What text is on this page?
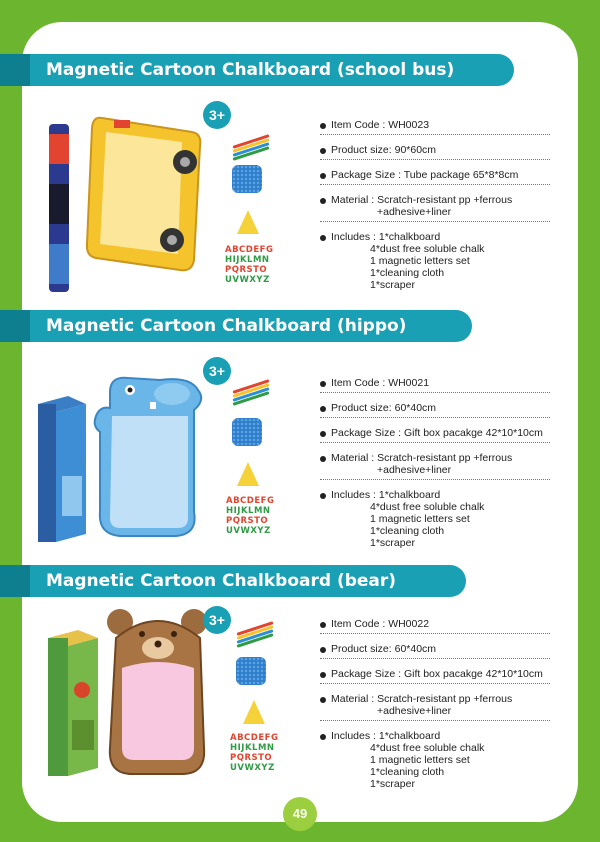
Magnetic Cartoon Chalkboard (school bus)
3+
ABCDEFG
HIJKLMN
PQRSTO
UVWXYZ
Item Code : WH0023
Product size: 90*60cm
Package Size : Tube package 65*8*8cm
Material : Scratch-resistant pp +ferrous
+adhesive+liner
Includes : 1*chalkboard
4*dust free soluble chalk
1 magnetic letters set
1*cleaning cloth
1*scraper
Magnetic Cartoon Chalkboard (hippo)
3+
ABCDEFG
HIJKLMN
PQRSTO
UVWXYZ
Item Code : WH0021
Product size: 60*40cm
Package Size : Gift box pacakge 42*10*10cm
Material : Scratch-resistant pp +ferrous
+adhesive+liner
Includes : 1*chalkboard
4*dust free soluble chalk
1 magnetic letters set
1*cleaning cloth
1*scraper
Magnetic Cartoon Chalkboard (bear)
3+
ABCDEFG
HIJKLMN
PQRSTO
UVWXYZ
Item Code : WH0022
Product size: 60*40cm
Package Size : Gift box pacakge 42*10*10cm
Material : Scratch-resistant pp +ferrous
+adhesive+liner
Includes : 1*chalkboard
4*dust free soluble chalk
1 magnetic letters set
1*cleaning cloth
1*scraper
49
